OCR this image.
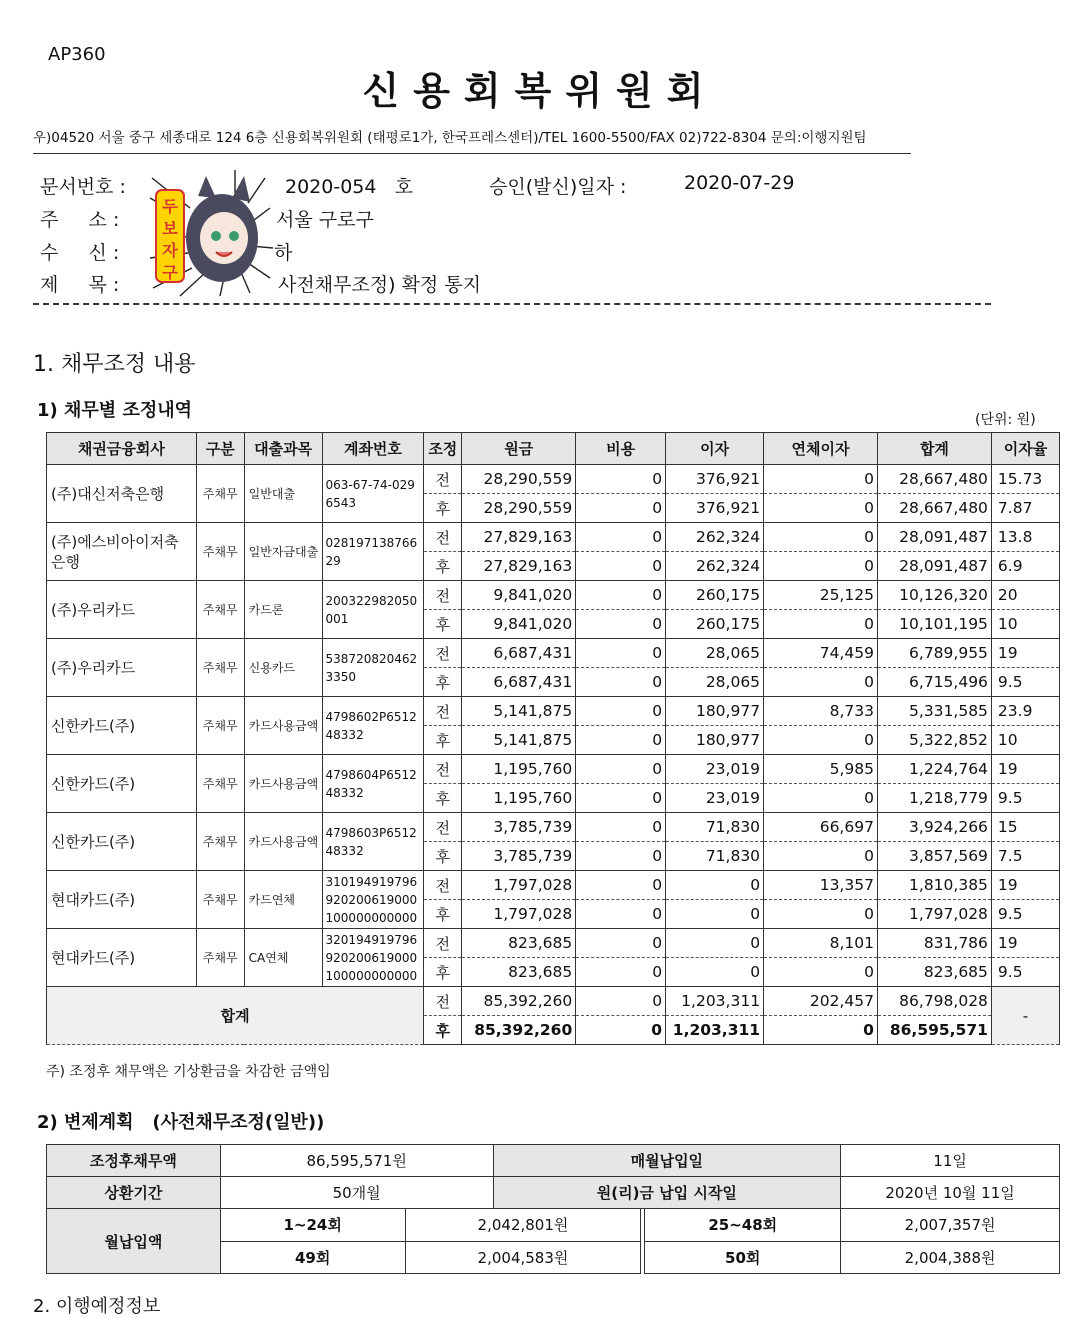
AP360
신용회복위원회
우)04520 서울 중구 세종대로 124 6층 신용회복위원회 (태평로1가, 한국프레스센터)/TEL 1600-5500/FAX 02)722-8304 문의:이행지원팀
문서번호 :	2020-054   호	승인(발신)일자 :	2020-07-29
주     소 :	서울 구로구
수     신 :	하
제     목 :	사전채무조정) 확정 통지
두
보
자
구
1. 채무조정 내용
1) 채무별 조정내역	(단위: 원)
채권금융회사	구분	대출과목	계좌번호	조정	원금	비용	이자	연체이자	합계	이자율
(주)대신저축은행	주채무	일반대출	063-67-74-0296543	전	28,290,559	0	376,921	0	28,667,480	15.73
				후	28,290,559	0	376,921	0	28,667,480	7.87
(주)에스비아이저축은행	주채무	일반자금대출	02819713876629	전	27,829,163	0	262,324	0	28,091,487	13.8
				후	27,829,163	0	262,324	0	28,091,487	6.9
(주)우리카드	주채무	카드론	200322982050001	전	9,841,020	0	260,175	25,125	10,126,320	20
				후	9,841,020	0	260,175	0	10,101,195	10
(주)우리카드	주채무	신용카드	5387208204623350	전	6,687,431	0	28,065	74,459	6,789,955	19
				후	6,687,431	0	28,065	0	6,715,496	9.5
신한카드(주)	주채무	카드사용금액	4798602P651248332	전	5,141,875	0	180,977	8,733	5,331,585	23.9
				후	5,141,875	0	180,977	0	5,322,852	10
신한카드(주)	주채무	카드사용금액	4798604P651248332	전	1,195,760	0	23,019	5,985	1,224,764	19
				후	1,195,760	0	23,019	0	1,218,779	9.5
신한카드(주)	주채무	카드사용금액	4798603P651248332	전	3,785,739	0	71,830	66,697	3,924,266	15
				후	3,785,739	0	71,830	0	3,857,569	7.5
현대카드(주)	주채무	카드연체	310194919796920200619000100000000000	전	1,797,028	0	0	13,357	1,810,385	19
				후	1,797,028	0	0	0	1,797,028	9.5
현대카드(주)	주채무	CA연체	320194919796920200619000100000000000	전	823,685	0	0	8,101	831,786	19
				후	823,685	0	0	0	823,685	9.5
합계				전	85,392,260	0	1,203,311	202,457	86,798,028	-
				후	85,392,260	0	1,203,311	0	86,595,571	
주) 조정후 채무액은 기상환금을 차감한 금액임
2) 변제계획   (사전채무조정(일반))
조정후채무액	86,595,571원		매월납입일			11일
상환기간	50개월		원(리)금 납입 시작일			2020년 10월 11일
월납입액	1~24회	2,042,801원			25~48회	2,007,357원
	49회	2,004,583원			50회	2,004,388원
2. 이행예정정보
